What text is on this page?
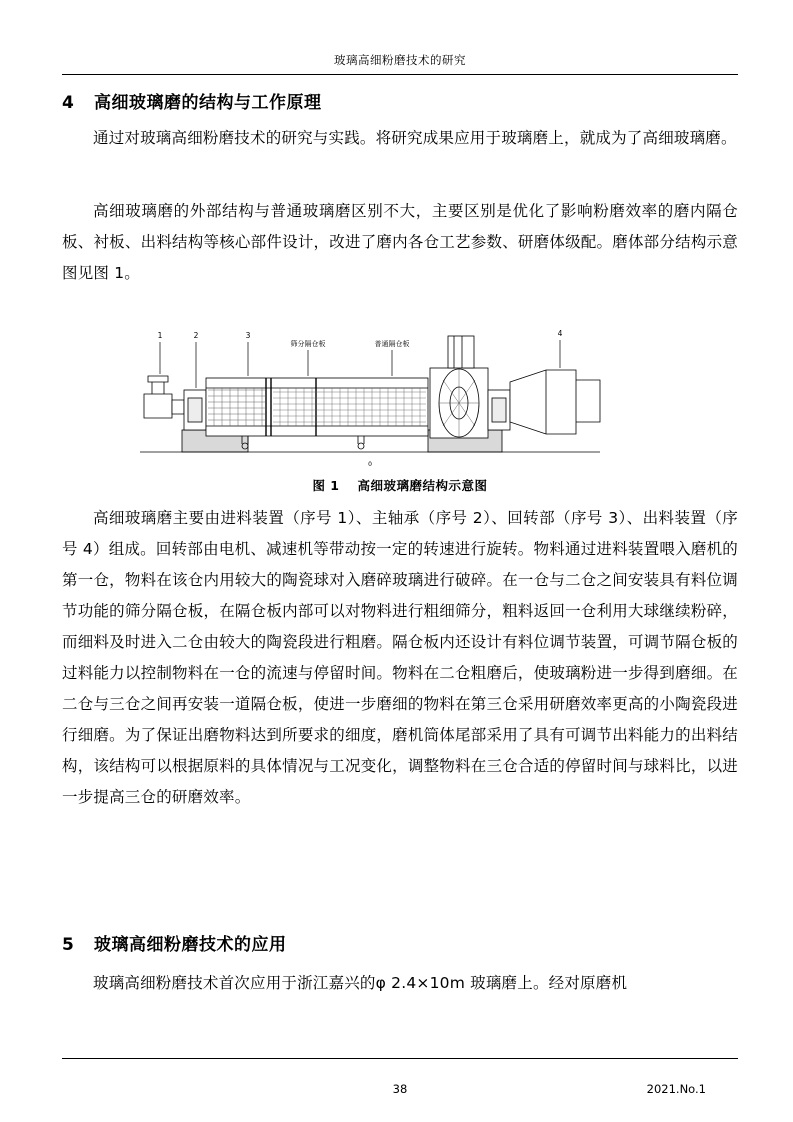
玻璃高细粉磨技术的研究
4	高细玻璃磨的结构与工作原理

通过对玻璃高细粉磨技术的研究与实践。将研究成果应用于玻璃磨上，就成为了高细玻璃磨。

高细玻璃磨的外部结构与普通玻璃磨区别不大，主要区别是优化了影响粉磨效率的磨内隔仓板、衬板、出料结构等核心部件设计，改进了磨内各仓工艺参数、研磨体级配。磨体部分结构示意图见图 1。

1	2	3	4
筛分隔仓板	普通隔仓板
0
图 1 高细玻璃磨结构示意图

高细玻璃磨主要由进料装置（序号 1）、主轴承（序号 2）、回转部（序号 3）、出料装置（序号 4）组成。回转部由电机、减速机等带动按一定的转速进行旋转。物料通过进料装置喂入磨机的第一仓，物料在该仓内用较大的陶瓷球对入磨碎玻璃进行破碎。在一仓与二仓之间安装具有料位调节功能的筛分隔仓板，在隔仓板内部可以对物料进行粗细筛分，粗料返回一仓利用大球继续粉碎，而细料及时进入二仓由较大的陶瓷段进行粗磨。隔仓板内还设计有料位调节装置，可调节隔仓板的过料能力以控制物料在一仓的流速与停留时间。物料在二仓粗磨后，使玻璃粉进一步得到磨细。在二仓与三仓之间再安装一道隔仓板，使进一步磨细的物料在第三仓采用研磨效率更高的小陶瓷段进行细磨。为了保证出磨物料达到所要求的细度，磨机筒体尾部采用了具有可调节出料能力的出料结构，该结构可以根据原料的具体情况与工况变化，调整物料在三仓合适的停留时间与球料比，以进一步提高三仓的研磨效率。

5	玻璃高细粉磨技术的应用

玻璃高细粉磨技术首次应用于浙江嘉兴的φ 2.4×10m 玻璃磨上。经对原磨机

38	2021.No.1
